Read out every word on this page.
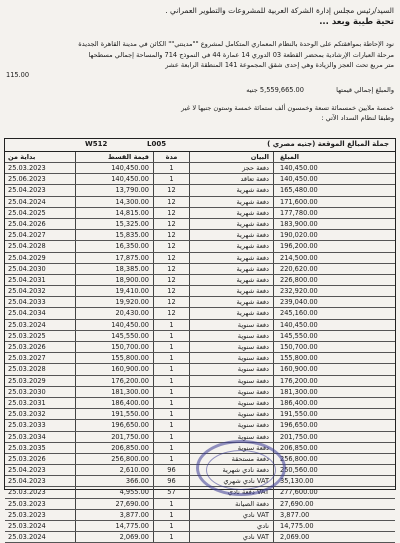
السيد/رئيس مجلس إدارة الشركة العربية للمشروعات والتطوير العمراني .
تحية طيبة وبعد ...
نود الإحاطة بموافقتكم على الوحدة بالنظام المعماري المتكامل لمشروع ""مدينتي"" الكائن في مدينة القاهرة الجديدة
مرحلة العبارات الإرشادية بمحضر القطعة 03 الدوري 14 عمارة 44 في النموذج 714 والمساحة إجمالي مسطحها
متر مربع تحت العجز والزيادة وهي إحدى شقق المجموعة 141 المنطقة الرابعة عشر
115.00
والمبلغ إجمالي قيمتها 5,559,665.00 جنيه
خمسة ملايين خمسمائة تسعة وخمسون ألف ستمائة خمسة وستون جنيها لا غير
وطبقا لنظام السداد الآتي :
W512	L005	جملة المبالغ الموقعة (جنيه مصري )
بداية من	قيمة القسط	مدة	البيان	المبلغ
25.03.2023	140,450.00	1	دفعة حجز	140,450.00
25.06.2023	140,450.00	1	دفعة تعاقد	140,450.00
25.04.2023	13,790.00	12	دفعة شهرية	165,480.00
25.04.2024	14,300.00	12	دفعة شهرية	171,600.00
25.04.2025	14,815.00	12	دفعة شهرية	177,780.00
25.04.2026	15,325.00	12	دفعة شهرية	183,900.00
25.04.2027	15,835.00	12	دفعة شهرية	190,020.00
25.04.2028	16,350.00	12	دفعة شهرية	196,200.00
25.04.2029	17,875.00	12	دفعة شهرية	214,500.00
25.04.2030	18,385.00	12	دفعة شهرية	220,620.00
25.04.2031	18,900.00	12	دفعة شهرية	226,800.00
25.04.2032	19,410.00	12	دفعة شهرية	232,920.00
25.04.2033	19,920.00	12	دفعة شهرية	239,040.00
25.04.2034	20,430.00	12	دفعة شهرية	245,160.00
25.03.2024	140,450.00	1	دفعة سنوية	140,450.00
25.03.2025	145,550.00	1	دفعة سنوية	145,550.00
25.03.2026	150,700.00	1	دفعة سنوية	150,700.00
25.03.2027	155,800.00	1	دفعة سنوية	155,800.00
25.03.2028	160,900.00	1	دفعة سنوية	160,900.00
25.03.2029	176,200.00	1	دفعة سنوية	176,200.00
25.03.2030	181,300.00	1	دفعة سنوية	181,300.00
25.03.2031	186,400.00	1	دفعة سنوية	186,400.00
25.03.2032	191,550.00	1	دفعة سنوية	191,550.00
25.03.2033	196,650.00	1	دفعة سنوية	196,650.00
25.03.2034	201,750.00	1	دفعة سنوية	201,750.00
25.03.2035	206,850.00	1	دفعة سنوية	206,850.00
25.03.2026	256,800.00	1	دفعة مستحقة	256,800.00
25.04.2023	2,610.00	96	دفعة نادي شهرية	250,560.00
25.04.2023	366.00	96	VAT نادي شهري	35,130.00
25.03.2023	4,955.00	57	VAT دفعة نادي	277,600.00
25.03.2023	27,690.00	1	دفعة الصيانة	27,690.00
25.03.2023	3,877.00	1	VAT نادي	3,877.00
25.03.2024	14,775.00	1	نادي	14,775.00
25.03.2024	2,069.00	1	VAT نادي	2,069.00
